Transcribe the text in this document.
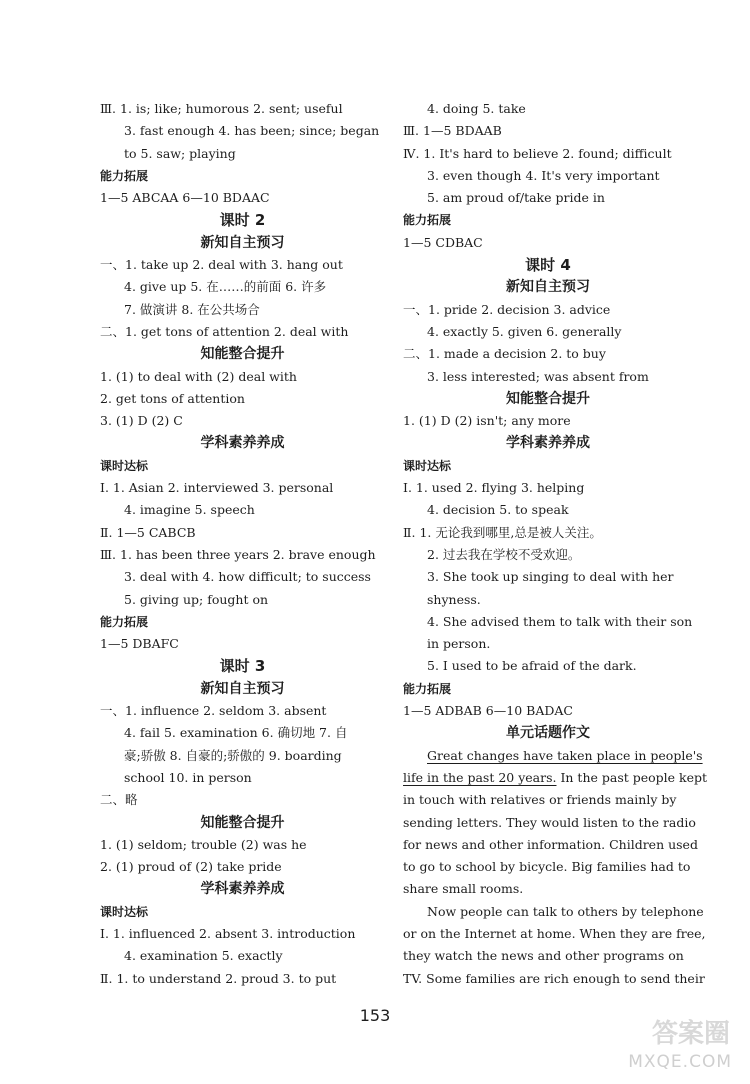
Ⅲ. 1. is; like; humorous 2. sent; useful
3. fast enough 4. has been; since; began
to 5. saw; playing
能力拓展
1—5 ABCAA 6—10 BDAAC
课时 2
新知自主预习
一、1. take up 2. deal with 3. hang out
4. give up 5. 在……的前面 6. 许多
7. 做演讲 8. 在公共场合
二、1. get tons of attention 2. deal with
知能整合提升
1. (1) to deal with (2) deal with
2. get tons of attention
3. (1) D (2) C
学科素养养成
课时达标
Ⅰ. 1. Asian 2. interviewed 3. personal
4. imagine 5. speech
Ⅱ. 1—5 CABCB
Ⅲ. 1. has been three years 2. brave enough
3. deal with 4. how difficult; to success
5. giving up; fought on
能力拓展
1—5 DBAFC
课时 3
新知自主预习
一、1. influence 2. seldom 3. absent
4. fail 5. examination 6. 确切地 7. 自
豪;骄傲 8. 自豪的;骄傲的 9. boarding
school 10. in person
二、略
知能整合提升
1. (1) seldom; trouble (2) was he
2. (1) proud of (2) take pride
学科素养养成
课时达标
Ⅰ. 1. influenced 2. absent 3. introduction
4. examination 5. exactly
Ⅱ. 1. to understand 2. proud 3. to put
4. doing 5. take
Ⅲ. 1—5 BDAAB
Ⅳ. 1. It's hard to believe 2. found; difficult
3. even though 4. It's very important
5. am proud of/take pride in
能力拓展
1—5 CDBAC
课时 4
新知自主预习
一、1. pride 2. decision 3. advice
4. exactly 5. given 6. generally
二、1. made a decision 2. to buy
3. less interested; was absent from
知能整合提升
1. (1) D (2) isn't; any more
学科素养养成
课时达标
Ⅰ. 1. used 2. flying 3. helping
4. decision 5. to speak
Ⅱ. 1. 无论我到哪里,总是被人关注。
2. 过去我在学校不受欢迎。
3. She took up singing to deal with her
shyness.
4. She advised them to talk with their son
in person.
5. I used to be afraid of the dark.
能力拓展
1—5 ADBAB 6—10 BADAC
单元话题作文
Great changes have taken place in people's
life in the past 20 years. In the past people kept
in touch with relatives or friends mainly by
sending letters. They would listen to the radio
for news and other information. Children used
to go to school by bicycle. Big families had to
share small rooms.
Now people can talk to others by telephone
or on the Internet at home. When they are free,
they watch the news and other programs on
TV. Some families are rich enough to send their
153
答案圈
MXQE.COM
